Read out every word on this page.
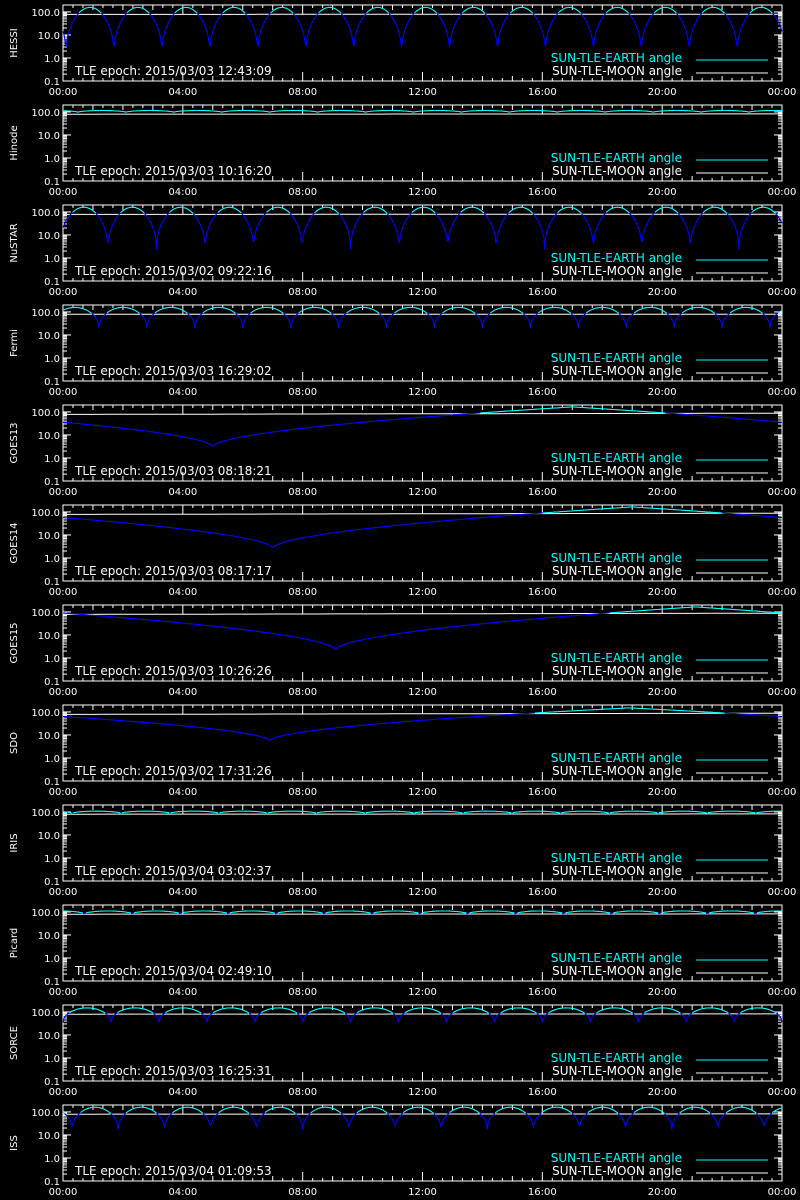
HESSI
0.1
1.0
10.0
100.0
00:00	04:00	08:00	12:00	16:00	20:00	00:00
TLE epoch: 2015/03/03 12:43:09
SUN-TLE-EARTH angle
SUN-TLE-MOON angle
Hinode
0.1
1.0
10.0
100.0
00:00	04:00	08:00	12:00	16:00	20:00	00:00
TLE epoch: 2015/03/03 10:16:20
SUN-TLE-EARTH angle
SUN-TLE-MOON angle
NuSTAR
0.1
1.0
10.0
100.0
00:00	04:00	08:00	12:00	16:00	20:00	00:00
TLE epoch: 2015/03/02 09:22:16
SUN-TLE-EARTH angle
SUN-TLE-MOON angle
Fermi
0.1
1.0
10.0
100.0
00:00	04:00	08:00	12:00	16:00	20:00	00:00
TLE epoch: 2015/03/03 16:29:02
SUN-TLE-EARTH angle
SUN-TLE-MOON angle
GOES13
0.1
1.0
10.0
100.0
00:00	04:00	08:00	12:00	16:00	20:00	00:00
TLE epoch: 2015/03/03 08:18:21
SUN-TLE-EARTH angle
SUN-TLE-MOON angle
GOES14
0.1
1.0
10.0
100.0
00:00	04:00	08:00	12:00	16:00	20:00	00:00
TLE epoch: 2015/03/03 08:17:17
SUN-TLE-EARTH angle
SUN-TLE-MOON angle
GOES15
0.1
1.0
10.0
100.0
00:00	04:00	08:00	12:00	16:00	20:00	00:00
TLE epoch: 2015/03/03 10:26:26
SUN-TLE-EARTH angle
SUN-TLE-MOON angle
SDO
0.1
1.0
10.0
100.0
00:00	04:00	08:00	12:00	16:00	20:00	00:00
TLE epoch: 2015/03/02 17:31:26
SUN-TLE-EARTH angle
SUN-TLE-MOON angle
IRIS
0.1
1.0
10.0
100.0
00:00	04:00	08:00	12:00	16:00	20:00	00:00
TLE epoch: 2015/03/04 03:02:37
SUN-TLE-EARTH angle
SUN-TLE-MOON angle
Picard
0.1
1.0
10.0
100.0
00:00	04:00	08:00	12:00	16:00	20:00	00:00
TLE epoch: 2015/03/04 02:49:10
SUN-TLE-EARTH angle
SUN-TLE-MOON angle
SORCE
0.1
1.0
10.0
100.0
00:00	04:00	08:00	12:00	16:00	20:00	00:00
TLE epoch: 2015/03/03 16:25:31
SUN-TLE-EARTH angle
SUN-TLE-MOON angle
ISS
0.1
1.0
10.0
100.0
00:00	04:00	08:00	12:00	16:00	20:00	00:00
TLE epoch: 2015/03/04 01:09:53
SUN-TLE-EARTH angle
SUN-TLE-MOON angle
